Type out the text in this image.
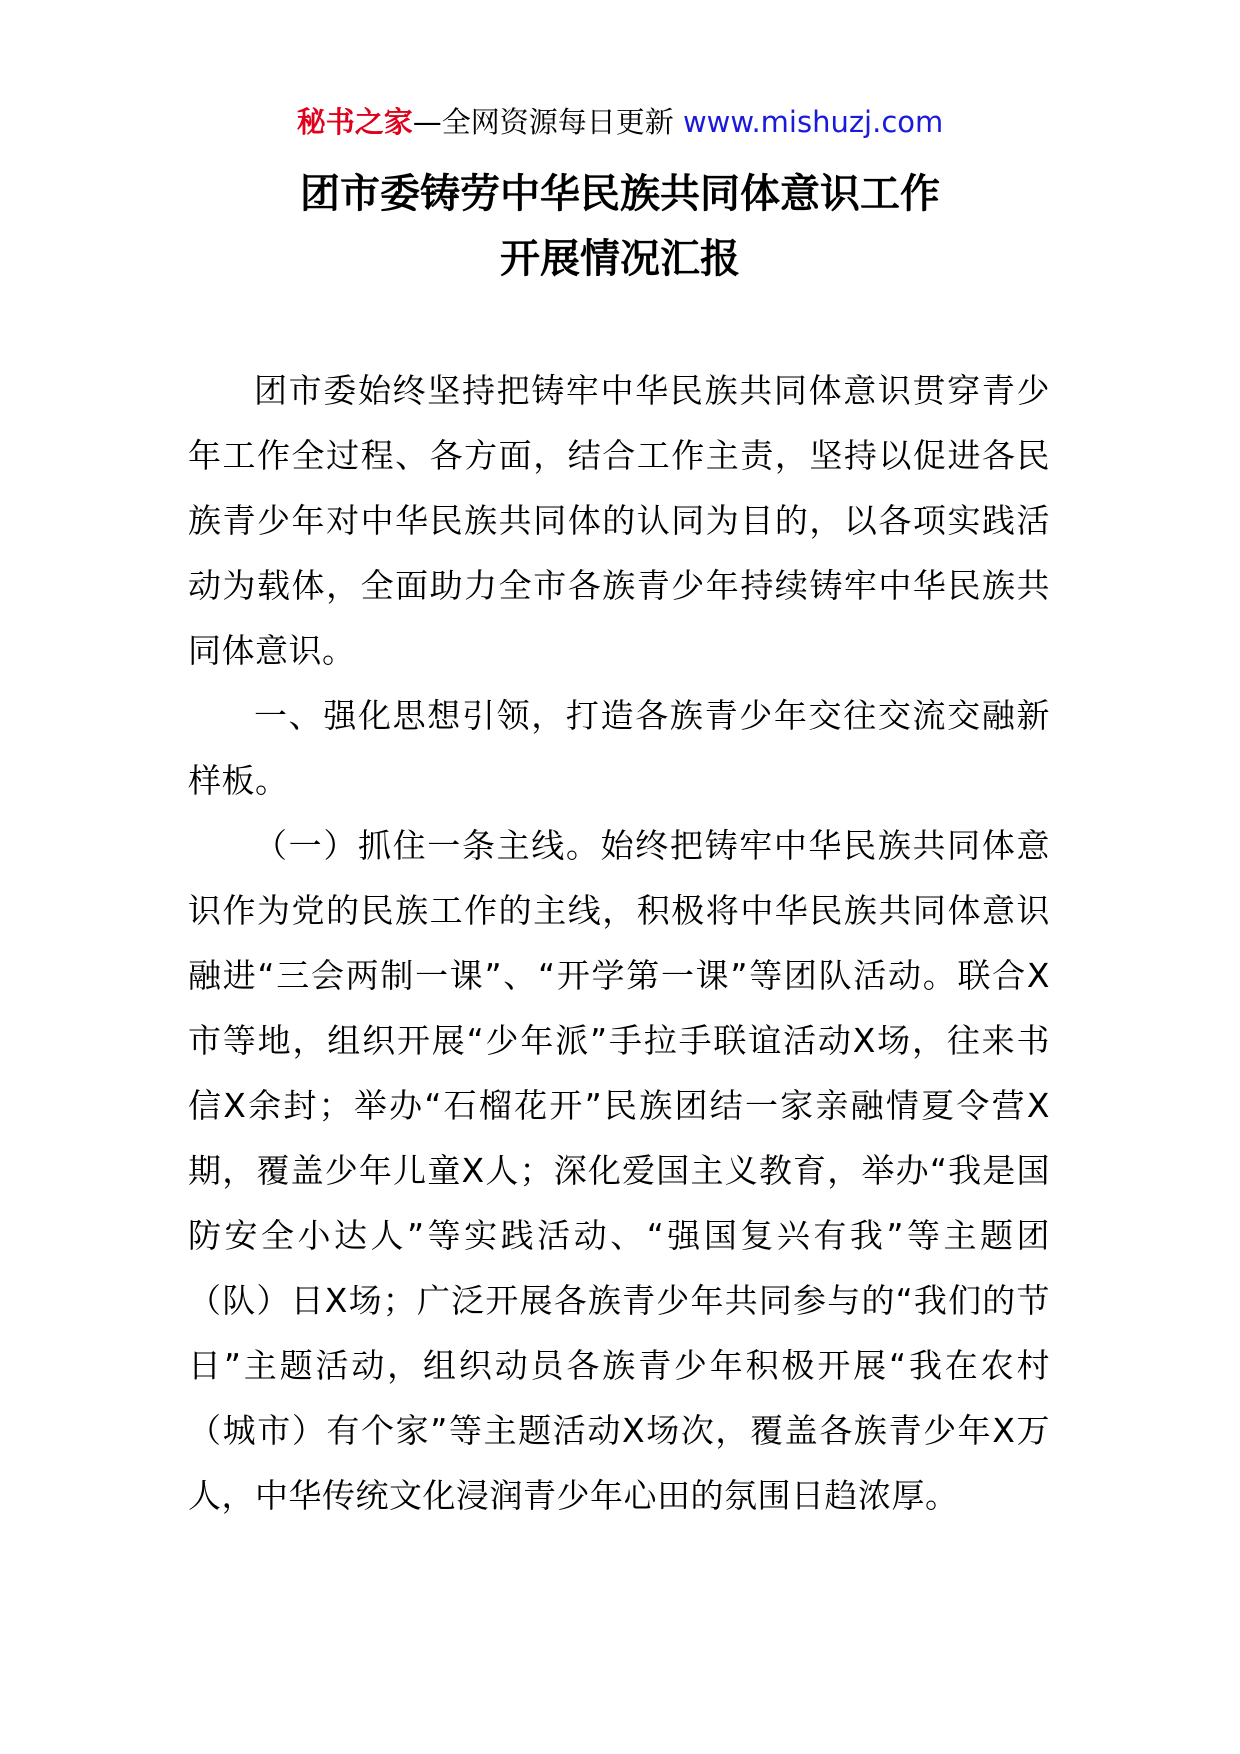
秘书之家—全网资源每日更新 www.mishuzj.com
团市委铸劳中华民族共同体意识工作
开展情况汇报

团市委始终坚持把铸牢中华民族共同体意识贯穿青少年工作全过程、各方面，结合工作主责，坚持以促进各民族青少年对中华民族共同体的认同为目的，以各项实践活动为载体，全面助力全市各族青少年持续铸牢中华民族共同体意识。

一、强化思想引领，打造各族青少年交往交流交融新样板。

（一）抓住一条主线。始终把铸牢中华民族共同体意识作为党的民族工作的主线，积极将中华民族共同体意识融进“三会两制一课”、“开学第一课”等团队活动。联合X市等地，组织开展“少年派”手拉手联谊活动X场，往来书信X余封；举办“石榴花开”民族团结一家亲融情夏令营X期，覆盖少年儿童X人；深化爱国主义教育，举办“我是国防安全小达人”等实践活动、“强国复兴有我”等主题团（队）日X场；广泛开展各族青少年共同参与的“我们的节日”主题活动，组织动员各族青少年积极开展“我在农村（城市）有个家”等主题活动X场次，覆盖各族青少年X万人，中华传统文化浸润青少年心田的氛围日趋浓厚。
